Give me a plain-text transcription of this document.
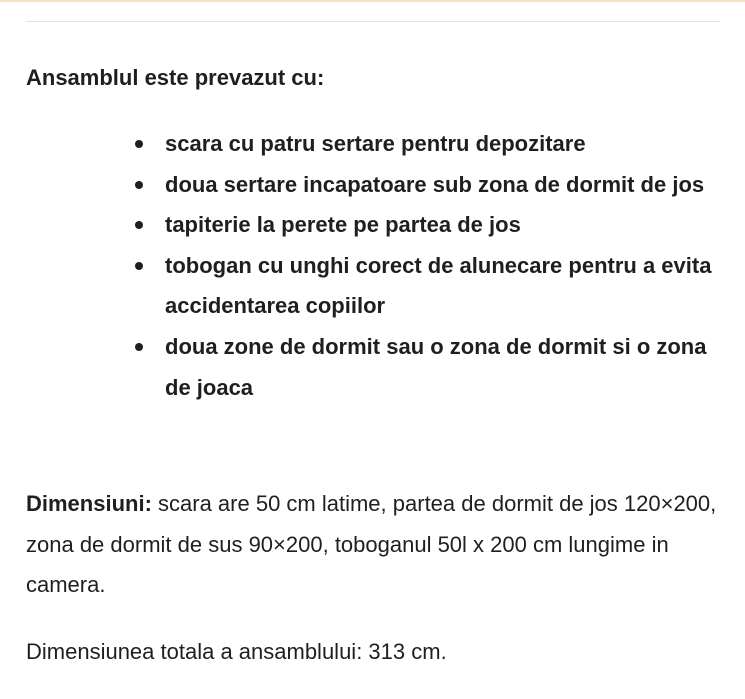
Ansamblul este prevazut cu:
scara cu patru sertare pentru depozitare
doua sertare incapatoare sub zona de dormit de jos
tapiterie la perete pe partea de jos
tobogan cu unghi corect de alunecare pentru a evita accidentarea copiilor
doua zone de dormit sau o zona de dormit si o zona de joaca

Dimensiuni: scara are 50 cm latime, partea de dormit de jos 120×200, zona de dormit de sus 90×200, toboganul 50l x 200 cm lungime in camera.

Dimensiunea totala a ansamblului: 313 cm.
